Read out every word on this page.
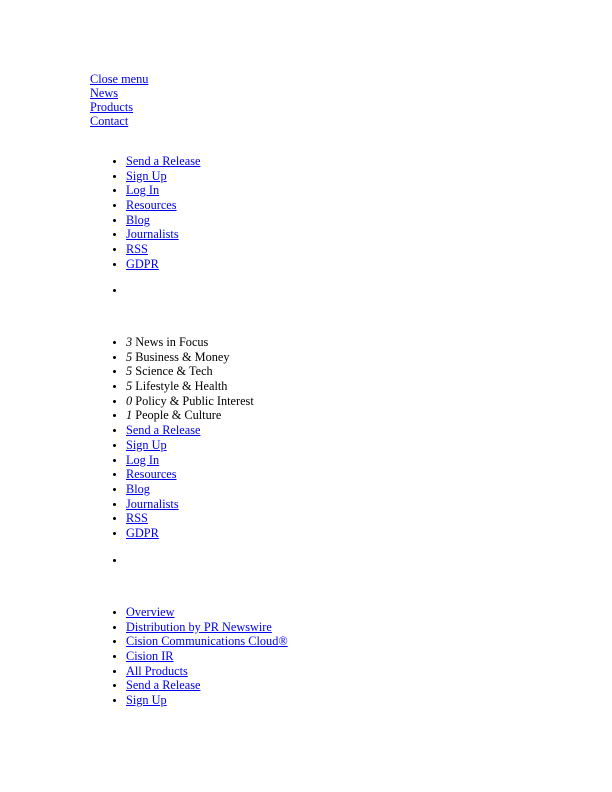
Close menu
News
Products
Contact
• Send a Release
• Sign Up
• Log In
• Resources
• Blog
• Journalists
• RSS
• GDPR
• 3 News in Focus
• 5 Business & Money
• 5 Science & Tech
• 5 Lifestyle & Health
• 0 Policy & Public Interest
• 1 People & Culture
• Send a Release
• Sign Up
• Log In
• Resources
• Blog
• Journalists
• RSS
• GDPR
• Overview
• Distribution by PR Newswire
• Cision Communications Cloud®
• Cision IR
• All Products
• Send a Release
• Sign Up
